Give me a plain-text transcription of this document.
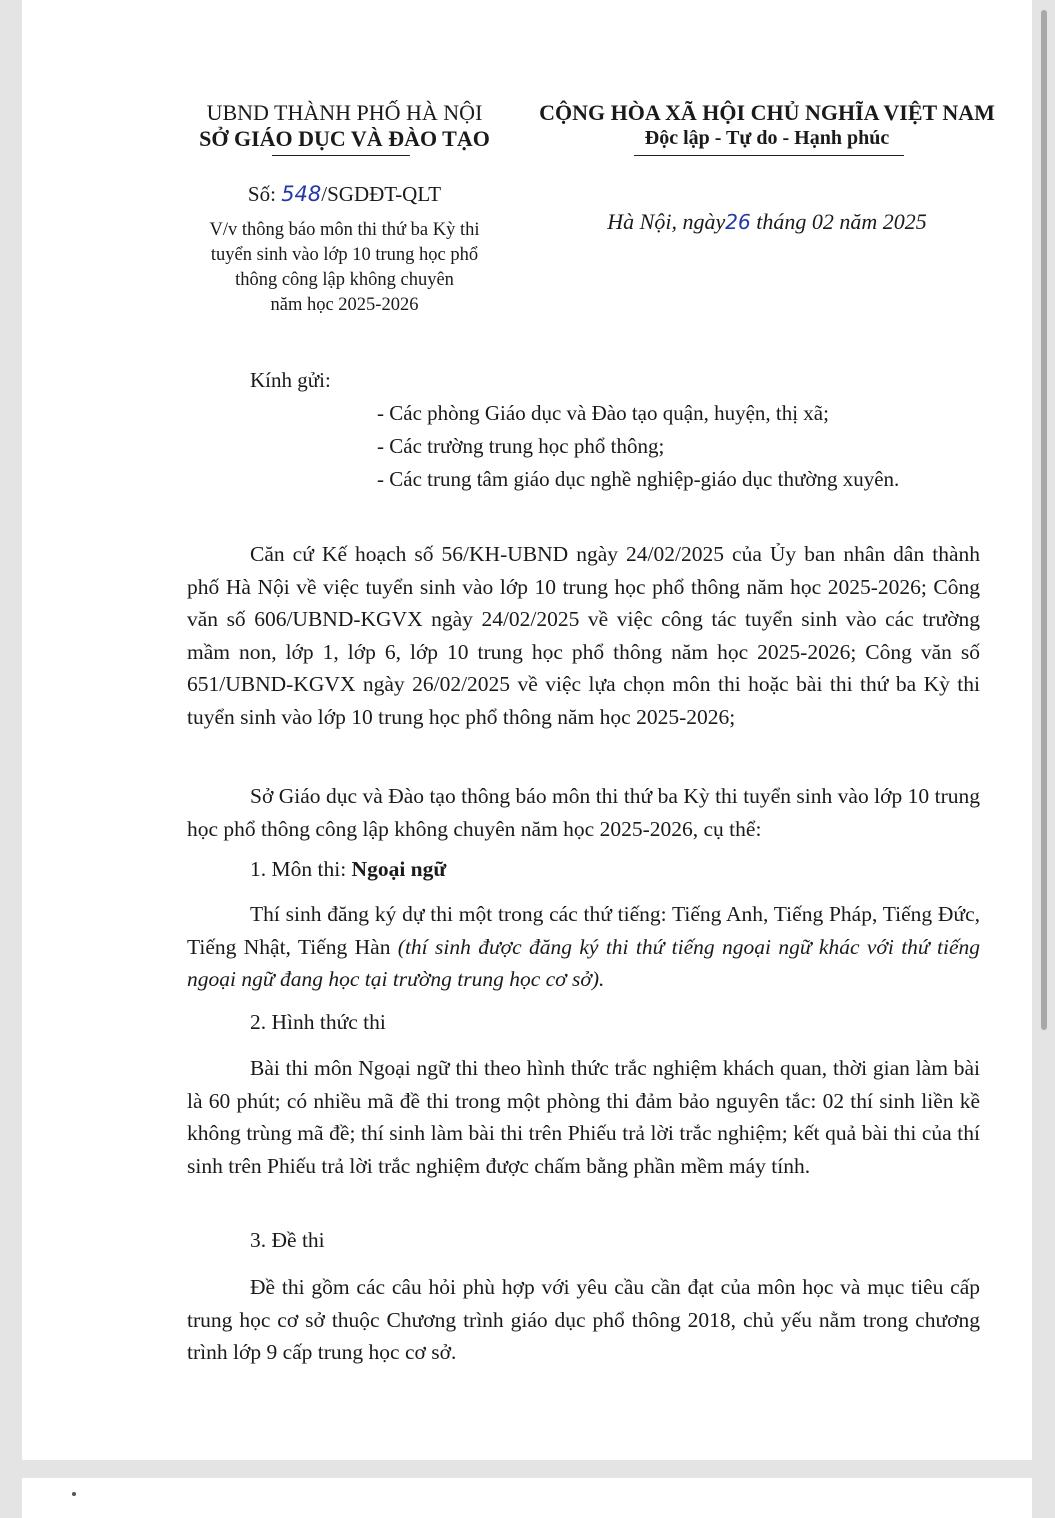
UBND THÀNH PHỐ HÀ NỘI
SỞ GIÁO DỤC VÀ ĐÀO TẠO
CỘNG HÒA XÃ HỘI CHỦ NGHĨA VIỆT NAM
Độc lập - Tự do - Hạnh phúc
Số: 548/SGDĐT-QLT
V/v thông báo môn thi thứ ba Kỳ thi
tuyển sinh vào lớp 10 trung học phổ
thông công lập không chuyên
năm học 2025-2026
Hà Nội, ngày26 tháng 02 năm 2025
Kính gửi:
- Các phòng Giáo dục và Đào tạo quận, huyện, thị xã;
- Các trường trung học phổ thông;
- Các trung tâm giáo dục nghề nghiệp-giáo dục thường xuyên.

Căn cứ Kế hoạch số 56/KH-UBND ngày 24/02/2025 của Ủy ban nhân dân thành phố Hà Nội về việc tuyển sinh vào lớp 10 trung học phổ thông năm học 2025-2026; Công văn số 606/UBND-KGVX ngày 24/02/2025 về việc công tác tuyển sinh vào các trường mầm non, lớp 1, lớp 6, lớp 10 trung học phổ thông năm học 2025-2026; Công văn số 651/UBND-KGVX ngày 26/02/2025 về việc lựa chọn môn thi hoặc bài thi thứ ba Kỳ thi tuyển sinh vào lớp 10 trung học phổ thông năm học 2025-2026;

Sở Giáo dục và Đào tạo thông báo môn thi thứ ba Kỳ thi tuyển sinh vào lớp 10 trung học phổ thông công lập không chuyên năm học 2025-2026, cụ thể:

1. Môn thi: Ngoại ngữ

Thí sinh đăng ký dự thi một trong các thứ tiếng: Tiếng Anh, Tiếng Pháp, Tiếng Đức, Tiếng Nhật, Tiếng Hàn (thí sinh được đăng ký thi thứ tiếng ngoại ngữ khác với thứ tiếng ngoại ngữ đang học tại trường trung học cơ sở).

2. Hình thức thi

Bài thi môn Ngoại ngữ thi theo hình thức trắc nghiệm khách quan, thời gian làm bài là 60 phút; có nhiều mã đề thi trong một phòng thi đảm bảo nguyên tắc: 02 thí sinh liền kề không trùng mã đề; thí sinh làm bài thi trên Phiếu trả lời trắc nghiệm; kết quả bài thi của thí sinh trên Phiếu trả lời trắc nghiệm được chấm bằng phần mềm máy tính.

3. Đề thi

Đề thi gồm các câu hỏi phù hợp với yêu cầu cần đạt của môn học và mục tiêu cấp trung học cơ sở thuộc Chương trình giáo dục phổ thông 2018, chủ yếu nằm trong chương trình lớp 9 cấp trung học cơ sở.
